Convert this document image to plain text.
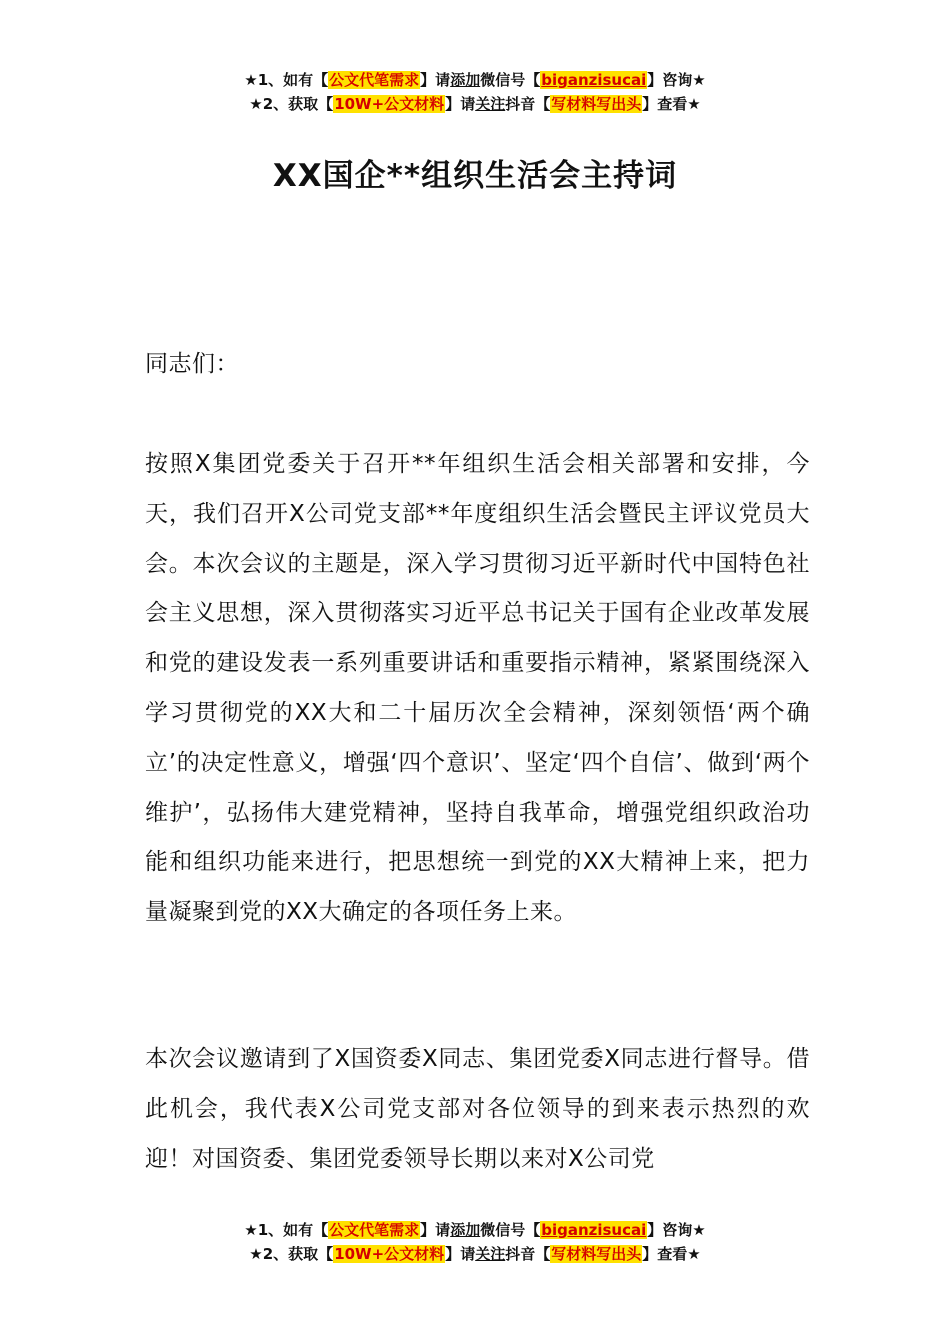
★1、如有【公文代笔需求】请添加微信号【biganzisucai】咨询★
★2、获取【10W+公文材料】请关注抖音【写材料写出头】查看★
XX国企**组织生活会主持词
同志们：

按照X集团党委关于召开**年组织生活会相关部署和安排，今天，我们召开X公司党支部**年度组织生活会暨民主评议党员大会。本次会议的主题是，深入学习贯彻习近平新时代中国特色社会主义思想，深入贯彻落实习近平总书记关于国有企业改革发展和党的建设发表一系列重要讲话和重要指示精神，紧紧围绕深入学习贯彻党的XX大和二十届历次全会精神，深刻领悟‘两个确立’的决定性意义，增强‘四个意识’、坚定‘四个自信’、做到‘两个维护’，弘扬伟大建党精神，坚持自我革命，增强党组织政治功能和组织功能来进行，把思想统一到党的XX大精神上来，把力量凝聚到党的XX大确定的各项任务上来。

本次会议邀请到了X国资委X同志、集团党委X同志进行督导。借此机会，我代表X公司党支部对各位领导的到来表示热烈的欢迎！对国资委、集团党委领导长期以来对X公司党

★1、如有【公文代笔需求】请添加微信号【biganzisucai】咨询★
★2、获取【10W+公文材料】请关注抖音【写材料写出头】查看★
